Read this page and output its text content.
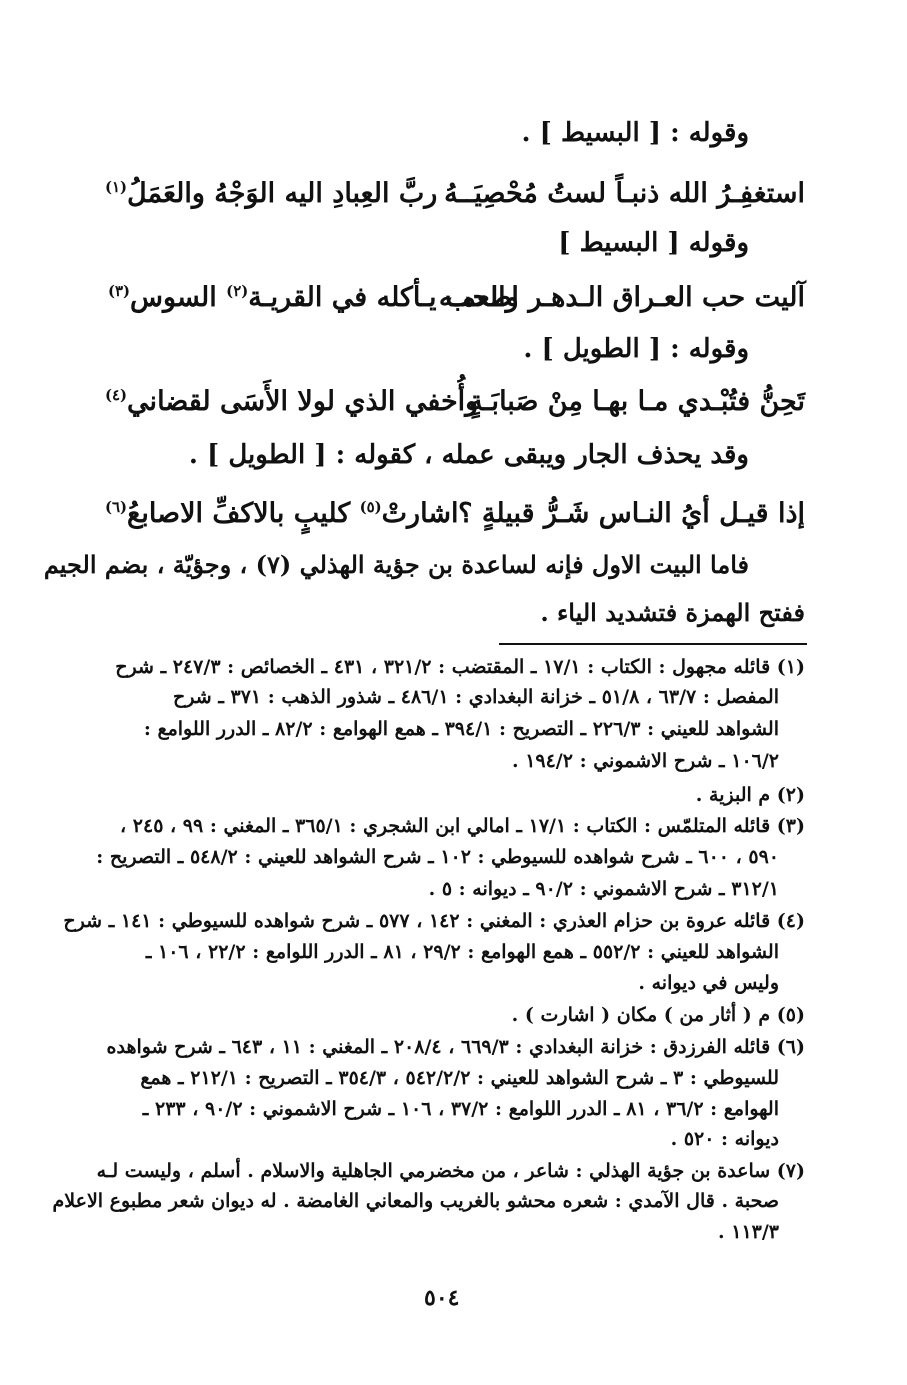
وقوله : [ البسيط ] .
استغفِـرُ الله ذنبـاً لستُ مُحْصِيَــهُ
ربَّ العِبادِ اليه الوَجْهُ والعَمَلُ$^{(١)}$
وقوله [ البسيط ]
آليت حب العـراق الـدهـر اطعمـه
والحب يـأكله في القريـة$^{(٢)}$ السوس$^{(٣)}$
وقوله : [ الطويل ] .
تَحِنُّ فتُبْـدي مـا بهـا مِنْ صَبابَـةٍ
وأُخفي الذي لولا الأَسَى لقضاني$^{(٤)}$
وقد يحذف الجار ويبقى عمله ، كقوله : [ الطويل ] .
إذا قيـل أيُ النـاس شَـرُّ قبيلةٍ ؟
اشارتْ$^{(٥)}$ كليبٍ بالاكفِّ الاصابعُ$^{(٦)}$
فاما البيت الاول فإنه لساعدة بن جؤية الهذلي (٧) ، وجؤيّة ، بضم الجيم
ففتح الهمزة فتشديد الياء .
(١) قائله مجهول : الكتاب : ١٧/١ ـ المقتضب : ٣٢١/٢ ، ٤٣١ ـ الخصائص : ٢٤٧/٣ ـ شرح
المفصل : ٦٣/٧ ، ٥١/٨ ـ خزانة البغدادي : ٤٨٦/١ ـ شذور الذهب : ٣٧١ ـ شرح
الشواهد للعيني : ٢٢٦/٣ ـ التصريح : ٣٩٤/١ ـ همع الهوامع : ٨٢/٢ ـ الدرر اللوامع :
١٠٦/٢ ـ شرح الاشموني : ١٩٤/٢ .
(٢) م البزية .
(٣) قائله المتلمّس : الكتاب : ١٧/١ ـ امالي ابن الشجري : ٣٦٥/١ ـ المغني : ٩٩ ، ٢٤٥ ،
٥٩٠ ، ٦٠٠ ـ شرح شواهده للسيوطي : ١٠٢ ـ شرح الشواهد للعيني : ٥٤٨/٢ ـ التصريح :
٣١٢/١ ـ شرح الاشموني : ٩٠/٢ ـ ديوانه : ٥ .
(٤) قائله عروة بن حزام العذري : المغني : ١٤٢ ، ٥٧٧ ـ شرح شواهده للسيوطي : ١٤١ ـ شرح
الشواهد للعيني : ٥٥٢/٢ ـ همع الهوامع : ٢٩/٢ ، ٨١ ـ الدرر اللوامع : ٢٢/٢ ، ١٠٦ ـ
وليس في ديوانه .
(٥) م ( أثار من ) مكان ( اشارت ) .
(٦) قائله الفرزدق : خزانة البغدادي : ٦٦٩/٣ ، ٢٠٨/٤ ـ المغني : ١١ ، ٦٤٣ ـ شرح شواهده
للسيوطي : ٣ ـ شرح الشواهد للعيني : ٥٤٢/٢/٢ ، ٣٥٤/٣ ـ التصريح : ٢١٢/١ ـ همع
الهوامع : ٣٦/٢ ، ٨١ ـ الدرر اللوامع : ٣٧/٢ ، ١٠٦ ـ شرح الاشموني : ٩٠/٢ ، ٢٣٣ ـ
ديوانه : ٥٢٠ .
(٧) ساعدة بن جؤية الهذلي : شاعر ، من مخضرمي الجاهلية والاسلام . أسلم ، وليست لـه
صحبة . قال الآمدي : شعره محشو بالغريب والمعاني الغامضة . له ديوان شعر مطبوع الاعلام
١١٣/٣ .
٥٠٤
